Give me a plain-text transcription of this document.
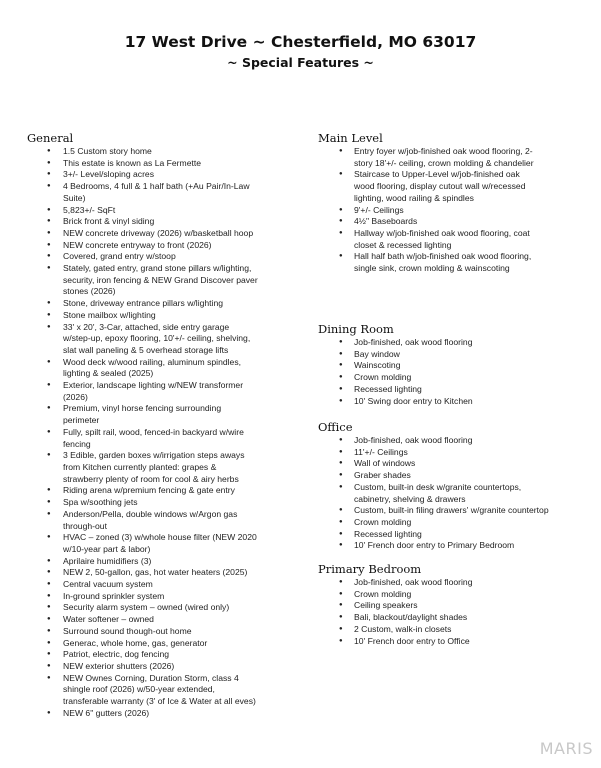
17 West Drive ~ Chesterfield, MO 63017
~ Special Features ~
General
● 1.5 Custom story home
● This estate is known as La Fermette
● 3+/- Level/sloping acres
● 4 Bedrooms, 4 full & 1 half bath (+Au Pair/In-Law
Suite)
● 5,823+/- SqFt
● Brick front & vinyl siding
● NEW concrete driveway (2026) w/basketball hoop
● NEW concrete entryway to front (2026)
● Covered, grand entry w/stoop
● Stately, gated entry, grand stone pillars w/lighting,
security, iron fencing & NEW Grand Discover paver
stones (2026)
● Stone, driveway entrance pillars w/lighting
● Stone mailbox w/lighting
● 33' x 20', 3-Car, attached, side entry garage
w/step-up, epoxy flooring, 10'+/- ceiling, shelving,
slat wall paneling & 5 overhead storage lifts
● Wood deck w/wood railing, aluminum spindles,
lighting & sealed (2025)
● Exterior, landscape lighting w/NEW transformer
(2026)
● Premium, vinyl horse fencing surrounding
perimeter
● Fully, spilt rail, wood, fenced-in backyard w/wire
fencing
● 3 Edible, garden boxes w/irrigation steps aways
from Kitchen currently planted: grapes &
strawberry plenty of room for cool & airy herbs
● Riding arena w/premium fencing & gate entry
● Spa w/soothing jets
● Anderson/Pella, double windows w/Argon gas
through-out
● HVAC – zoned (3) w/whole house filter (NEW 2020
w/10-year part & labor)
● Aprilaire humidifiers (3)
● NEW 2, 50-gallon, gas, hot water heaters (2025)
● Central vacuum system
● In-ground sprinkler system
● Security alarm system – owned (wired only)
● Water softener – owned
● Surround sound though-out home
● Generac, whole home, gas, generator
● Patriot, electric, dog fencing
● NEW exterior shutters (2026)
● NEW Ownes Corning, Duration Storm, class 4
shingle roof (2026) w/50-year extended,
transferable warranty (3' of Ice & Water at all eves)
● NEW 6" gutters (2026)
Main Level
● Entry foyer w/job-finished oak wood flooring, 2-
story 18'+/- ceiling, crown molding & chandelier
● Staircase to Upper-Level w/job-finished oak
wood flooring, display cutout wall w/recessed
lighting, wood railing & spindles
● 9'+/- Ceilings
● 4½" Baseboards
● Hallway w/job-finished oak wood flooring, coat
closet & recessed lighting
● Hall half bath w/job-finished oak wood flooring,
single sink, crown molding & wainscoting
Dining Room
● Job-finished, oak wood flooring
● Bay window
● Wainscoting
● Crown molding
● Recessed lighting
● 10' Swing door entry to Kitchen
Office
● Job-finished, oak wood flooring
● 11'+/- Ceilings
● Wall of windows
● Graber shades
● Custom, built-in desk w/granite countertops,
cabinetry, shelving & drawers
● Custom, built-in filing drawers' w/granite countertop
● Crown molding
● Recessed lighting
● 10' French door entry to Primary Bedroom
Primary Bedroom
● Job-finished, oak wood flooring
● Crown molding
● Ceiling speakers
● Bali, blackout/daylight shades
● 2 Custom, walk-in closets
● 10' French door entry to Office
MARIS
